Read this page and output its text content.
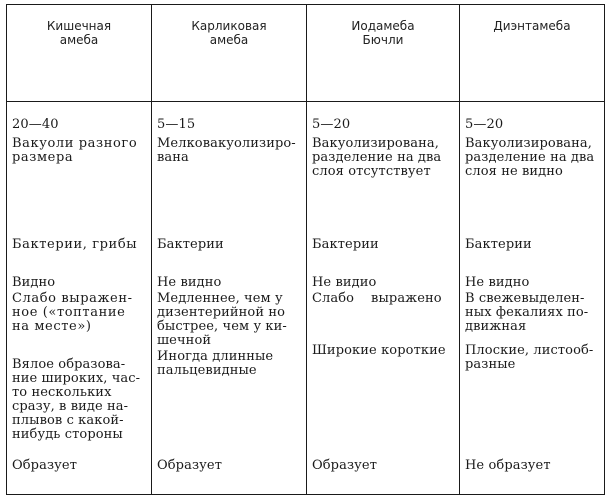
Кишечная
амеба
Карликовая
амеба
Иодамеба
Бючли
Диэнтамеба
20—40
Вакуоли разного
размера
Бактерии, грибы
Видно
Слабо выражен-
ное («топтание
на месте»)
Вялое образова-
ние широких, час-
то нескольких
сразу, в виде на-
плывов с какой-
нибудь стороны
Образует
5—15
Мелковакуолизиро-
вана
Бактерии
Не видно
Медленнее, чем у
дизентерийной но
быстрее, чем у ки-
шечной
Иногда длинные
пальцевидные
Образует
5—20
Вакуолизирована,
разделение на два
слоя отсутствует
Бактерии
Не видио
Слабо    выражено
Широкие короткие
Образует
5—20
Вакуолизирована,
разделение на два
слоя не видно
Бактерии
Не видно
В свежевыделен-
ных фекалиях по-
движная
Плоские, листооб-
разные
Не образует
